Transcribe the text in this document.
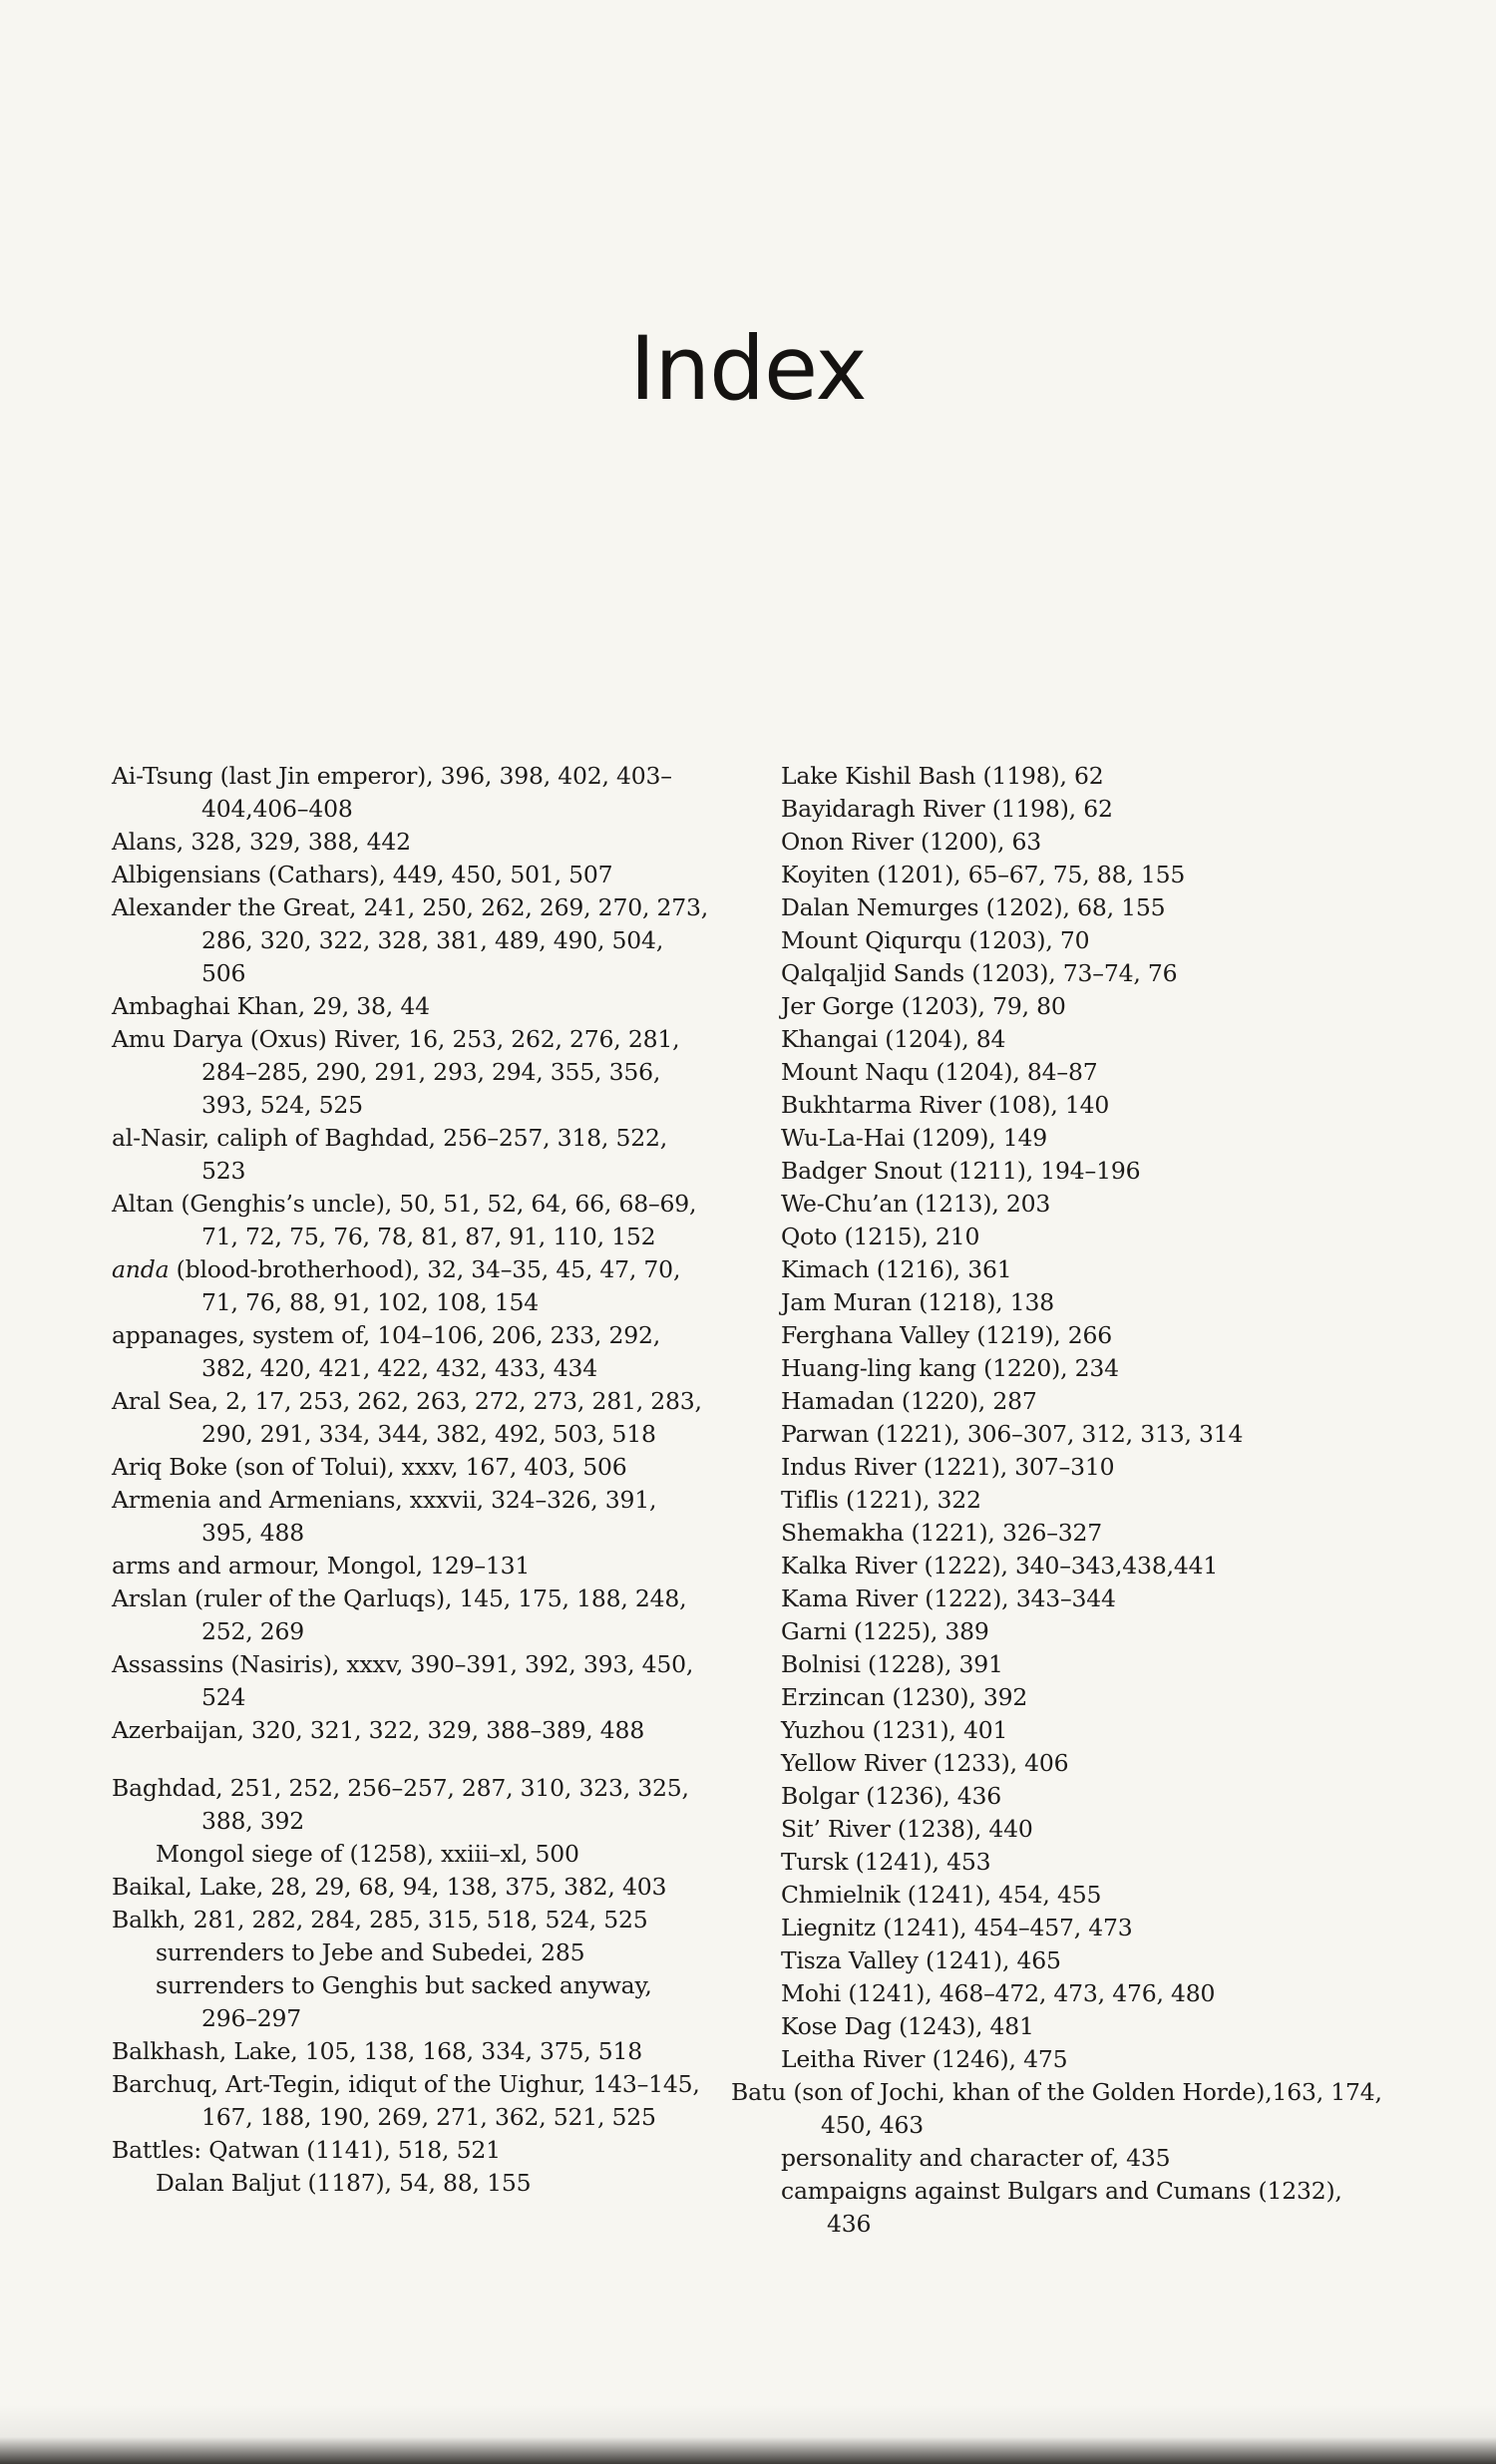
Index
Ai-Tsung (last Jin emperor), 396, 398, 402, 403–404,406–408
Alans, 328, 329, 388, 442
Albigensians (Cathars), 449, 450, 501, 507
Alexander the Great, 241, 250, 262, 269, 270, 273, 286, 320, 322, 328, 381, 489, 490, 504, 506
Ambaghai Khan, 29, 38, 44
Amu Darya (Oxus) River, 16, 253, 262, 276, 281, 284–285, 290, 291, 293, 294, 355, 356, 393, 524, 525
al-Nasir, caliph of Baghdad, 256–257, 318, 522, 523
Altan (Genghis’s uncle), 50, 51, 52, 64, 66, 68–69, 71, 72, 75, 76, 78, 81, 87, 91, 110, 152
anda (blood-brotherhood), 32, 34–35, 45, 47, 70, 71, 76, 88, 91, 102, 108, 154
appanages, system of, 104–106, 206, 233, 292, 382, 420, 421, 422, 432, 433, 434
Aral Sea, 2, 17, 253, 262, 263, 272, 273, 281, 283, 290, 291, 334, 344, 382, 492, 503, 518
Ariq Boke (son of Tolui), xxxv, 167, 403, 506
Armenia and Armenians, xxxvii, 324–326, 391, 395, 488
arms and armour, Mongol, 129–131
Arslan (ruler of the Qarluqs), 145, 175, 188, 248, 252, 269
Assassins (Nasiris), xxxv, 390–391, 392, 393, 450, 524
Azerbaijan, 320, 321, 322, 329, 388–389, 488
Baghdad, 251, 252, 256–257, 287, 310, 323, 325, 388, 392
Mongol siege of (1258), xxiii–xl, 500
Baikal, Lake, 28, 29, 68, 94, 138, 375, 382, 403
Balkh, 281, 282, 284, 285, 315, 518, 524, 525
surrenders to Jebe and Subedei, 285
surrenders to Genghis but sacked anyway, 296–297
Balkhash, Lake, 105, 138, 168, 334, 375, 518
Barchuq, Art-Tegin, idiqut of the Uighur, 143–145, 167, 188, 190, 269, 271, 362, 521, 525
Battles: Qatwan (1141), 518, 521
Dalan Baljut (1187), 54, 88, 155
Lake Kishil Bash (1198), 62
Bayidaragh River (1198), 62
Onon River (1200), 63
Koyiten (1201), 65–67, 75, 88, 155
Dalan Nemurges (1202), 68, 155
Mount Qiqurqu (1203), 70
Qalqaljid Sands (1203), 73–74, 76
Jer Gorge (1203), 79, 80
Khangai (1204), 84
Mount Naqu (1204), 84–87
Bukhtarma River (108), 140
Wu-La-Hai (1209), 149
Badger Snout (1211), 194–196
We-Chu’an (1213), 203
Qoto (1215), 210
Kimach (1216), 361
Jam Muran (1218), 138
Ferghana Valley (1219), 266
Huang-ling kang (1220), 234
Hamadan (1220), 287
Parwan (1221), 306–307, 312, 313, 314
Indus River (1221), 307–310
Tiflis (1221), 322
Shemakha (1221), 326–327
Kalka River (1222), 340–343,438,441
Kama River (1222), 343–344
Garni (1225), 389
Bolnisi (1228), 391
Erzincan (1230), 392
Yuzhou (1231), 401
Yellow River (1233), 406
Bolgar (1236), 436
Sit’ River (1238), 440
Tursk (1241), 453
Chmielnik (1241), 454, 455
Liegnitz (1241), 454–457, 473
Tisza Valley (1241), 465
Mohi (1241), 468–472, 473, 476, 480
Kose Dag (1243), 481
Leitha River (1246), 475
Batu (son of Jochi, khan of the Golden Horde),163, 174, 450, 463
personality and character of, 435
campaigns against Bulgars and Cumans (1232), 436
